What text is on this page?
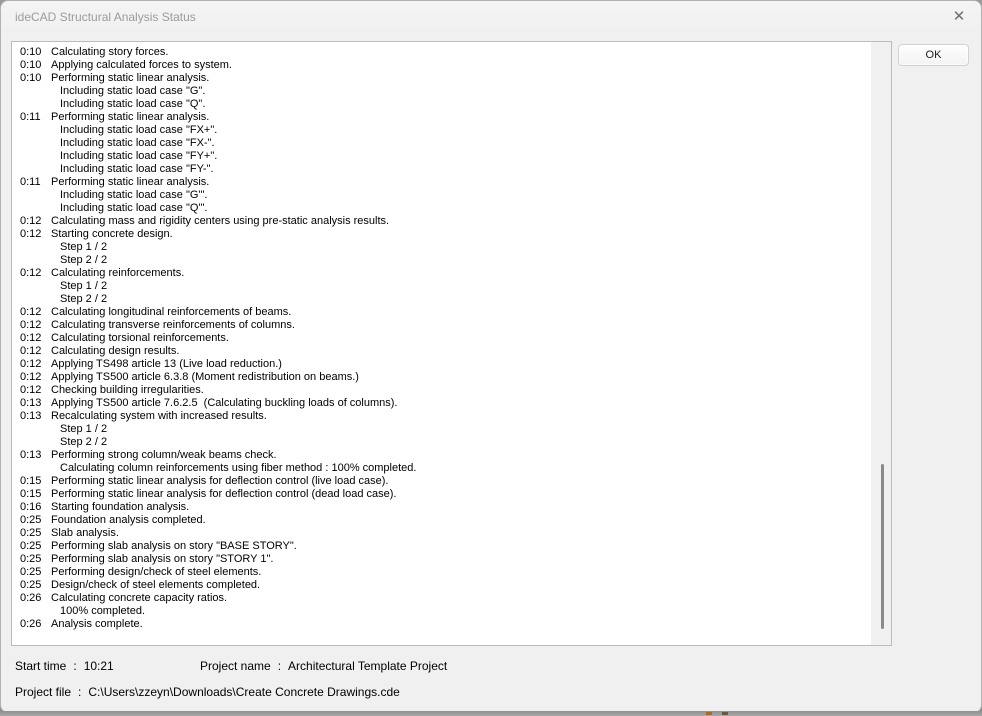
ideCAD Structural Analysis Status	✕
OK
0:10 Calculating story forces.
0:10 Applying calculated forces to system.
0:10 Performing static linear analysis.
Including static load case "G".
Including static load case "Q".
0:11 Performing static linear analysis.
Including static load case "FX+".
Including static load case "FX-".
Including static load case "FY+".
Including static load case "FY-".
0:11 Performing static linear analysis.
Including static load case "G'".
Including static load case "Q'".
0:12 Calculating mass and rigidity centers using pre-static analysis results.
0:12 Starting concrete design.
Step 1 / 2
Step 2 / 2
0:12 Calculating reinforcements.
Step 1 / 2
Step 2 / 2
0:12 Calculating longitudinal reinforcements of beams.
0:12 Calculating transverse reinforcements of columns.
0:12 Calculating torsional reinforcements.
0:12 Calculating design results.
0:12 Applying TS498 article 13 (Live load reduction.)
0:12 Applying TS500 article 6.3.8 (Moment redistribution on beams.)
0:12 Checking building irregularities.
0:13 Applying TS500 article 7.6.2.5  (Calculating buckling loads of columns).
0:13 Recalculating system with increased results.
Step 1 / 2
Step 2 / 2
0:13 Performing strong column/weak beams check.
Calculating column reinforcements using fiber method : 100% completed.
0:15 Performing static linear analysis for deflection control (live load case).
0:15 Performing static linear analysis for deflection control (dead load case).
0:16 Starting foundation analysis.
0:25 Foundation analysis completed.
0:25 Slab analysis.
0:25 Performing slab analysis on story "BASE STORY".
0:25 Performing slab analysis on story "STORY 1".
0:25 Performing design/check of steel elements.
0:25 Design/check of steel elements completed.
0:26 Calculating concrete capacity ratios.
100% completed.
0:26 Analysis complete.
Start time : 10:21	Project name : Architectural Template Project
Project file : C:\Users\zzeyn\Downloads\Create Concrete Drawings.cde
